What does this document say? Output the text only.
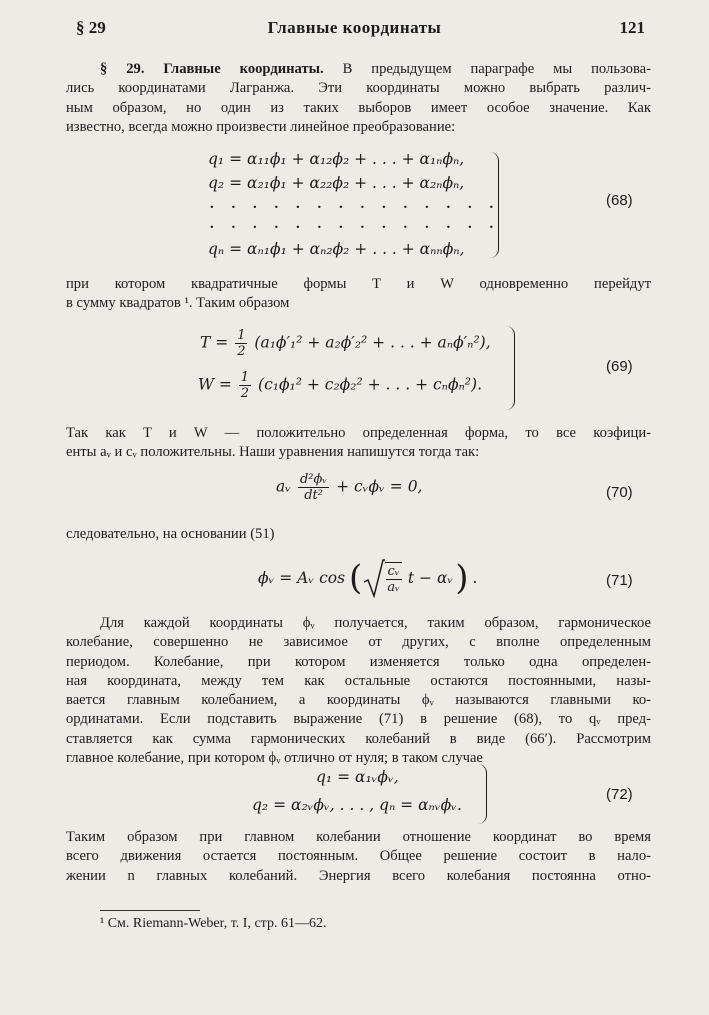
§ 29	Главные координаты	121
§ 29. Главные координаты. В предыдущем параграфе мы пользова-
лись координатами Лагранжа. Эти координаты можно выбрать различ-
ным образом, но один из таких выборов имеет особое значение. Как
известно, всегда можно произвести линейное преобразование:
q₁ = α₁₁ϕ₁ + α₁₂ϕ₂ + . . . + α₁ₙϕₙ,
q₂ = α₂₁ϕ₁ + α₂₂ϕ₂ + . . . + α₂ₙϕₙ,
. . . . . . . . . . . . . .
. . . . . . . . . . . . . .
qₙ = αₙ₁ϕ₁ + αₙ₂ϕ₂ + . . . + αₙₙϕₙ,
(68)
при котором квадратичные формы T и W одновременно перейдут
в сумму квадратов ¹. Таким образом
$T = \frac{1}{2} (a_1\phi'_1^2 + a_2\phi'_2^2$ + . . . + aₙϕ′ₙ²),
$W = \frac{1}{2} (c_1\phi_1^2 + c_2\phi_2^2$ + . . . + cₙϕₙ²).
(69)
Так как T и W — положительно определенная форма, то все коэфици-
енты aᵥ и cᵥ положительны. Наши уравнения напишутся тогда так:
aᵥ $\frac{\text{d²ϕᵥ}}{\text{dt²}}$ + cᵥϕᵥ = 0,	(70)
следовательно, на основании (51)
ϕᵥ = Aᵥ cos ( $\frac{\text{cᵥ}}{\text{aᵥ}}$ t − αᵥ ) .	(71)
Для каждой координаты ϕᵥ получается, таким образом, гармоническое
колебание, совершенно не зависимое от других, с вполне определенным
периодом. Колебание, при котором изменяется только одна определен-
ная координата, между тем как остальные остаются постоянными, назы-
вается главным колебанием, а координаты ϕᵥ называются главными ко-
ординатами. Если подставить выражение (71) в решение (68), то qᵥ пред-
ставляется как сумма гармонических колебаний в виде (66′). Рассмотрим
главное колебание, при котором ϕᵥ отлично от нуля; в таком случае
q₁ = α₁ᵥϕᵥ,
q₂ = α₂ᵥϕᵥ, . . . , qₙ = αₙᵥϕᵥ.
(72)
Таким образом при главном колебании отношение координат во время
всего движения остается постоянным. Общее решение состоит в нало-
жении n главных колебаний. Энергия всего колебания постоянна отно-
¹ См. Riemann-Weber, т. I, стр. 61—62.
